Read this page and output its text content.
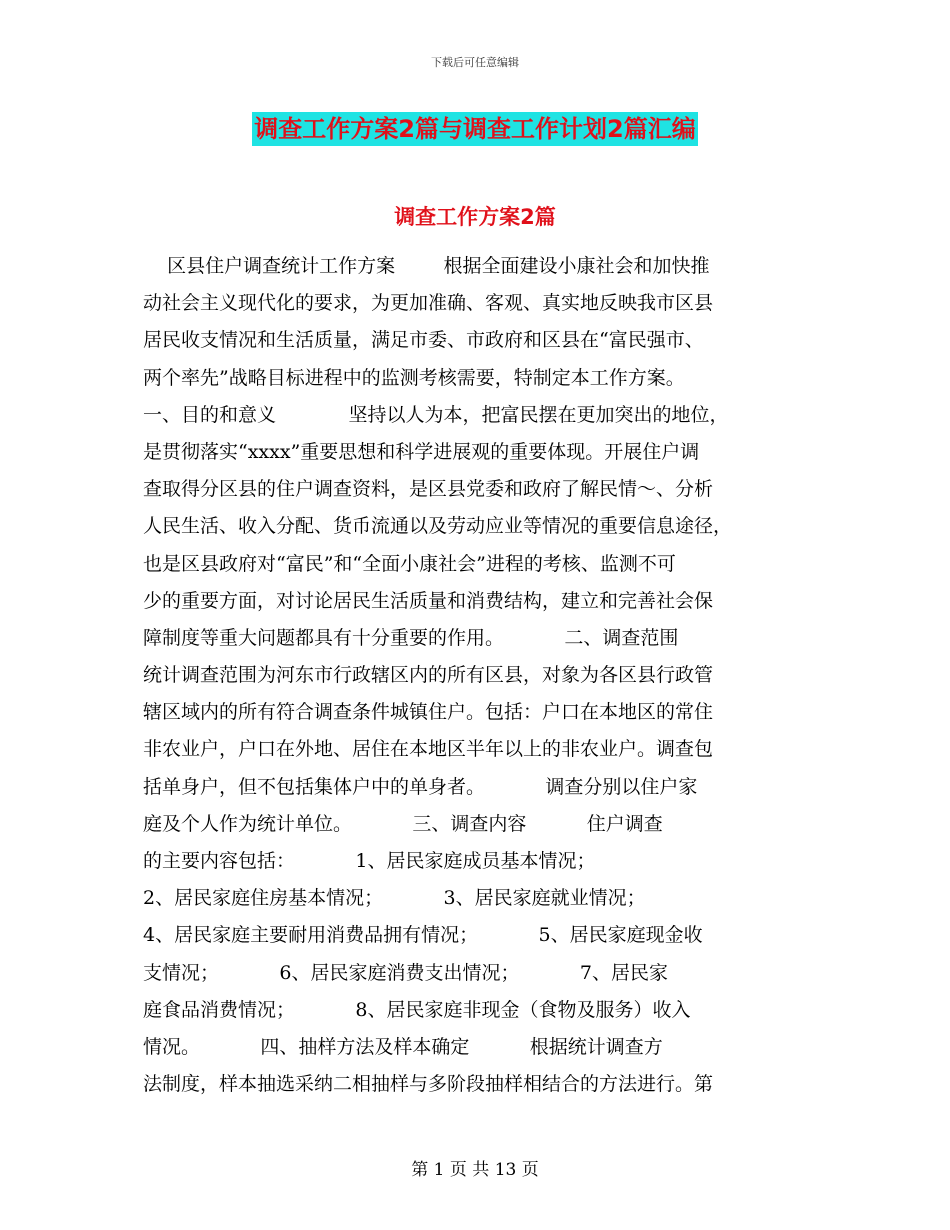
下载后可任意编辑
调查工作方案2篇与调查工作计划2篇汇编
调查工作方案2篇
区县住户调查统计工作方案        根据全面建设小康社会和加快推
动社会主义现代化的要求，为更加准确、客观、真实地反映我市区县
居民收支情况和生活质量，满足市委、市政府和区县在“富民强市、
两个率先”战略目标进程中的监测考核需要，特制定本工作方案。
一、目的和意义            坚持以人为本，把富民摆在更加突出的地位，
是贯彻落实“xxxx”重要思想和科学进展观的重要体现。开展住户调
查取得分区县的住户调查资料，是区县党委和政府了解民情～、分析
人民生活、收入分配、货币流通以及劳动应业等情况的重要信息途径，
也是区县政府对“富民”和“全面小康社会”进程的考核、监测不可
少的重要方面，对讨论居民生活质量和消费结构，建立和完善社会保
障制度等重大问题都具有十分重要的作用。          二、调查范围
统计调查范围为河东市行政辖区内的所有区县，对象为各区县行政管
辖区域内的所有符合调查条件城镇住户。包括：户口在本地区的常住
非农业户，户口在外地、居住在本地区半年以上的非农业户。调查包
括单身户，但不包括集体户中的单身者。          调查分别以住户家
庭及个人作为统计单位。          三、调查内容          住户调查
的主要内容包括：          1、居民家庭成员基本情况；
2、居民家庭住房基本情况；          3、居民家庭就业情况；
4、居民家庭主要耐用消费品拥有情况；          5、居民家庭现金收
支情况；          6、居民家庭消费支出情况；          7、居民家
庭食品消费情况；          8、居民家庭非现金（食物及服务）收入
情况。          四、抽样方法及样本确定          根据统计调查方
法制度，样本抽选采纳二相抽样与多阶段抽样相结合的方法进行。第
第 1 页 共 13 页
